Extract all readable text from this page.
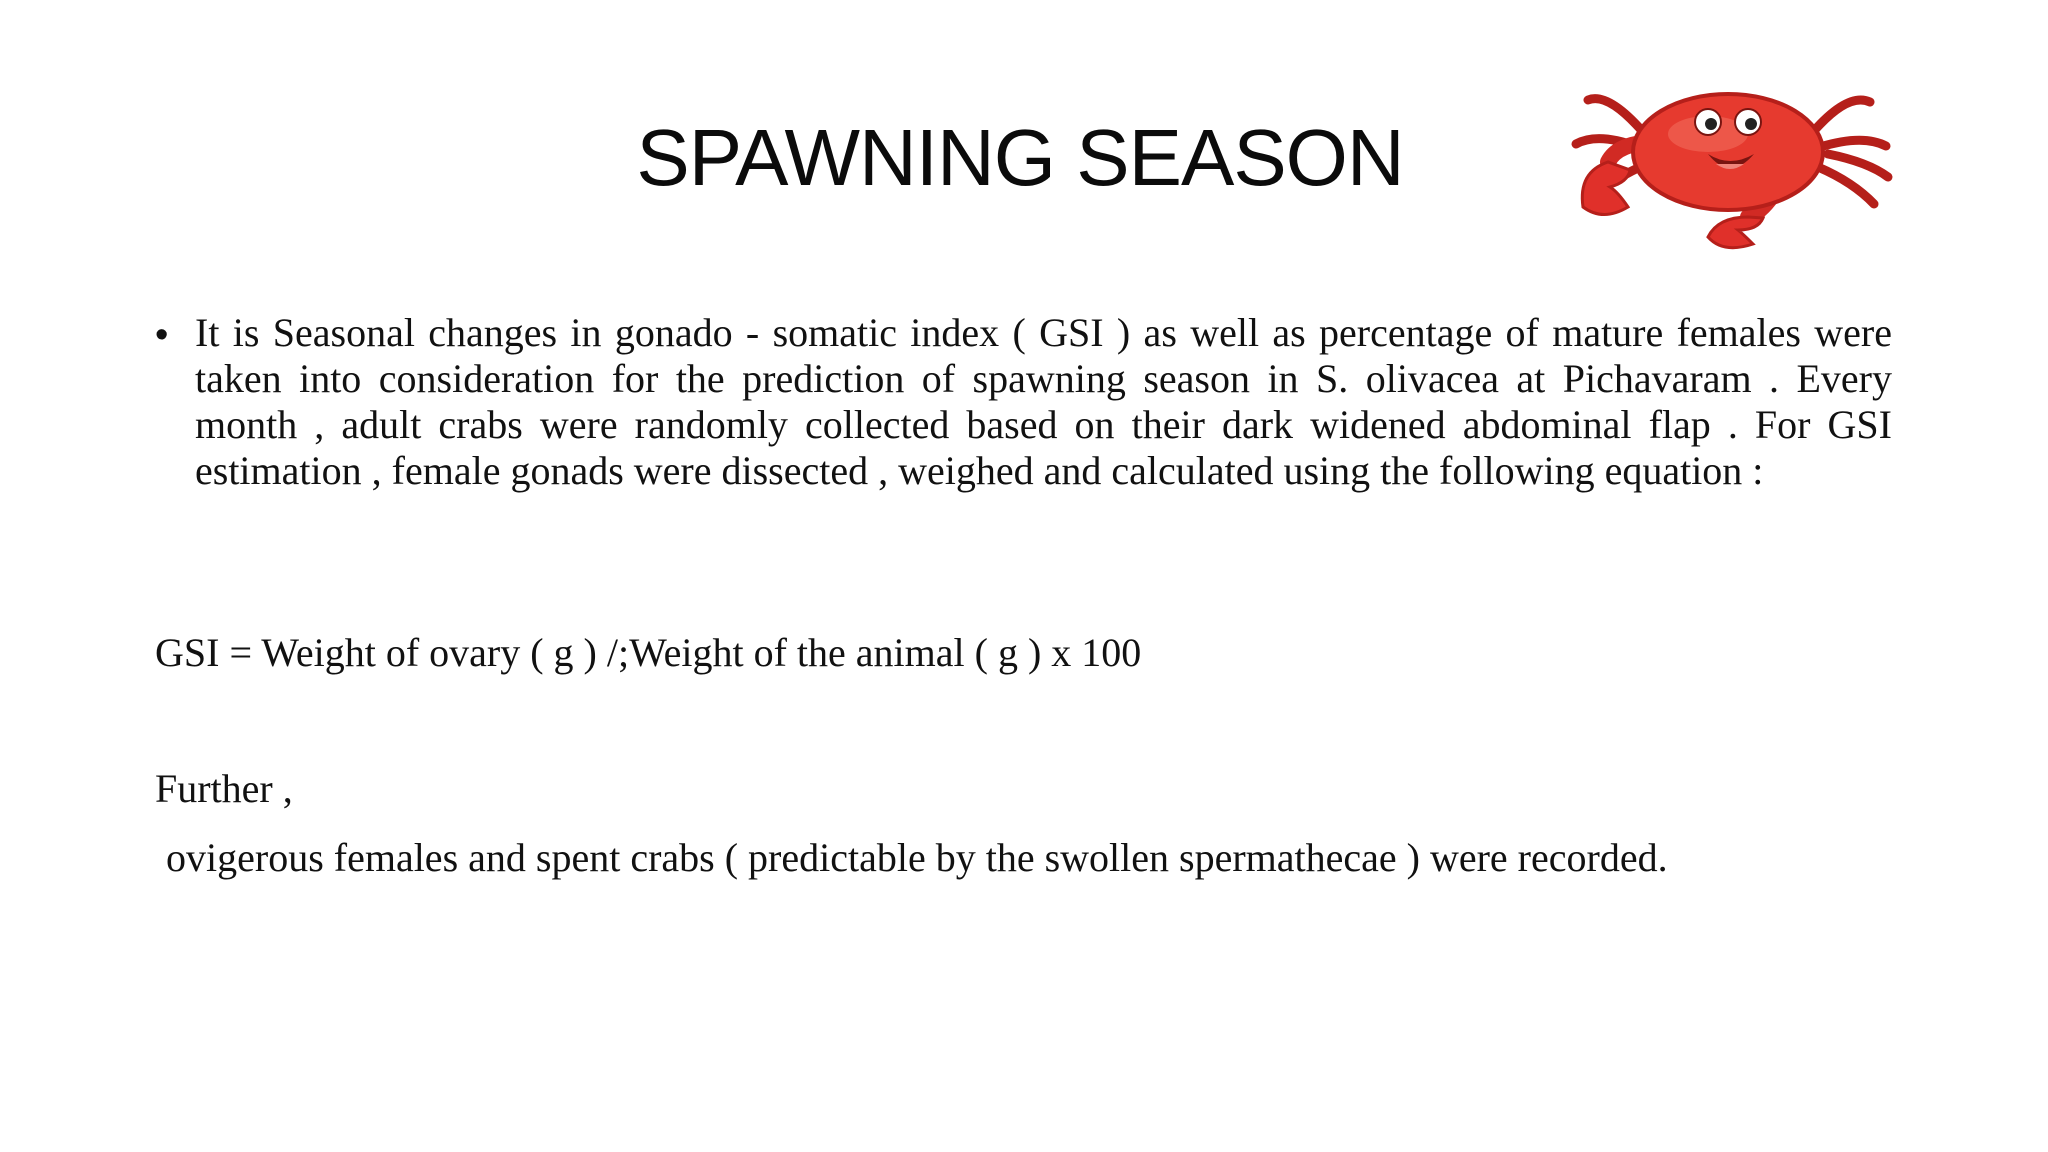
SPAWNING SEASON
• It is Seasonal changes in gonado - somatic index ( GSI ) as well as percentage of mature females were taken into consideration for the prediction of spawning season in S. olivacea at Pichavaram . Every month , adult crabs were randomly collected based on their dark widened abdominal flap . For GSI estimation , female gonads were dissected , weighed and calculated using the following equation :
GSI = Weight of ovary ( g ) /;Weight of the animal ( g ) x 100
Further ,
ovigerous females and spent crabs ( predictable by the swollen spermathecae ) were recorded.
